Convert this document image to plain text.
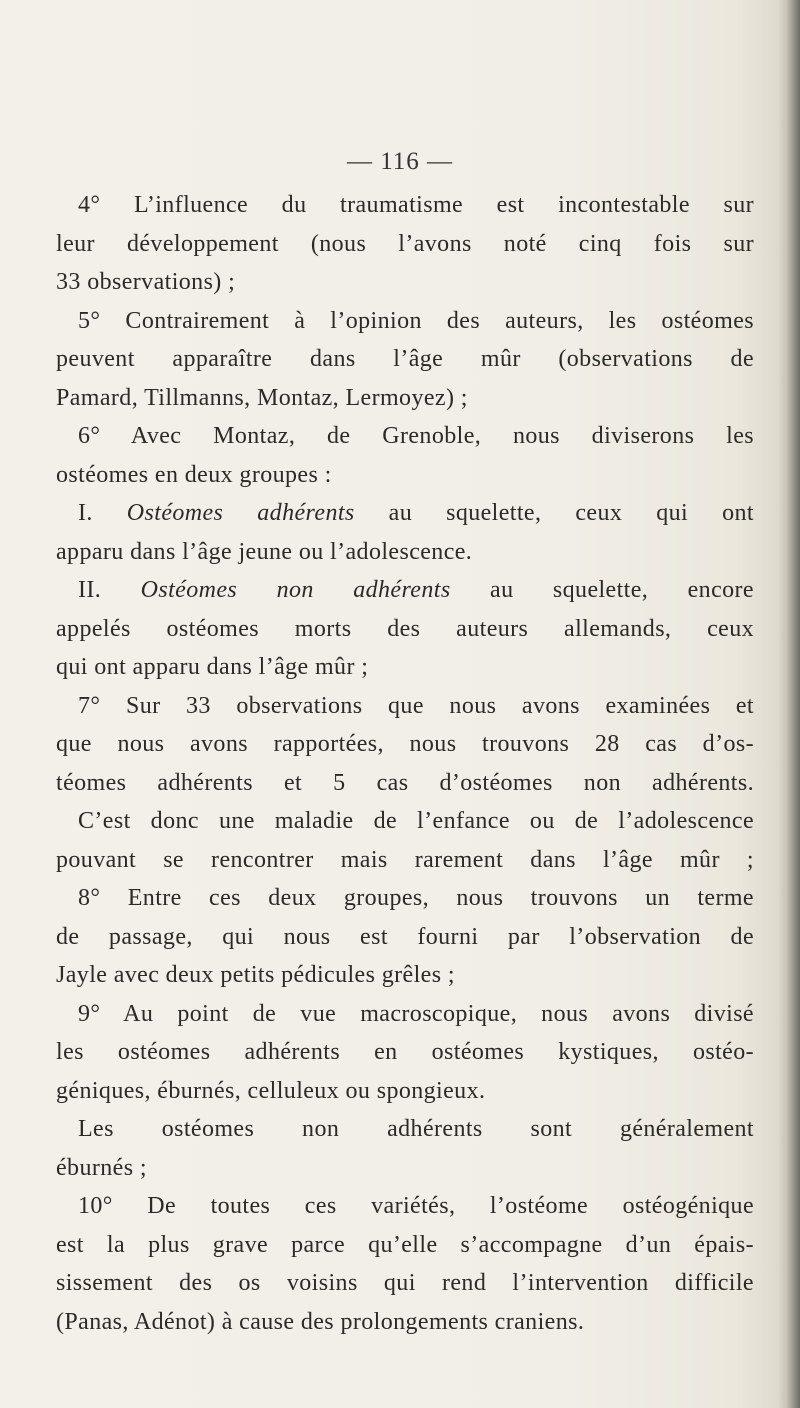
— 116 —
4° L’influence du traumatisme est incontestable sur
leur développement (nous l’avons noté cinq fois sur
33 observations) ;
5° Contrairement à l’opinion des auteurs, les ostéomes
peuvent apparaître dans l’âge mûr (observations de
Pamard, Tillmanns, Montaz, Lermoyez) ;
6° Avec Montaz, de Grenoble, nous diviserons les
ostéomes en deux groupes :
I. Ostéomes adhérents au squelette, ceux qui ont
apparu dans l’âge jeune ou l’adolescence.
II. Ostéomes non adhérents au squelette, encore
appelés ostéomes morts des auteurs allemands, ceux
qui ont apparu dans l’âge mûr ;
7° Sur 33 observations que nous avons examinées et
que nous avons rapportées, nous trouvons 28 cas d’os-
téomes adhérents et 5 cas d’ostéomes non adhérents.
C’est donc une maladie de l’enfance ou de l’adolescence
pouvant se rencontrer mais rarement dans l’âge mûr ;
8° Entre ces deux groupes, nous trouvons un terme
de passage, qui nous est fourni par l’observation de
Jayle avec deux petits pédicules grêles ;
9° Au point de vue macroscopique, nous avons divisé
les ostéomes adhérents en ostéomes kystiques, ostéo-
géniques, éburnés, celluleux ou spongieux.
Les ostéomes non adhérents sont généralement
éburnés ;
10° De toutes ces variétés, l’ostéome ostéogénique
est la plus grave parce qu’elle s’accompagne d’un épais-
sissement des os voisins qui rend l’intervention difficile
(Panas, Adénot) à cause des prolongements craniens.
